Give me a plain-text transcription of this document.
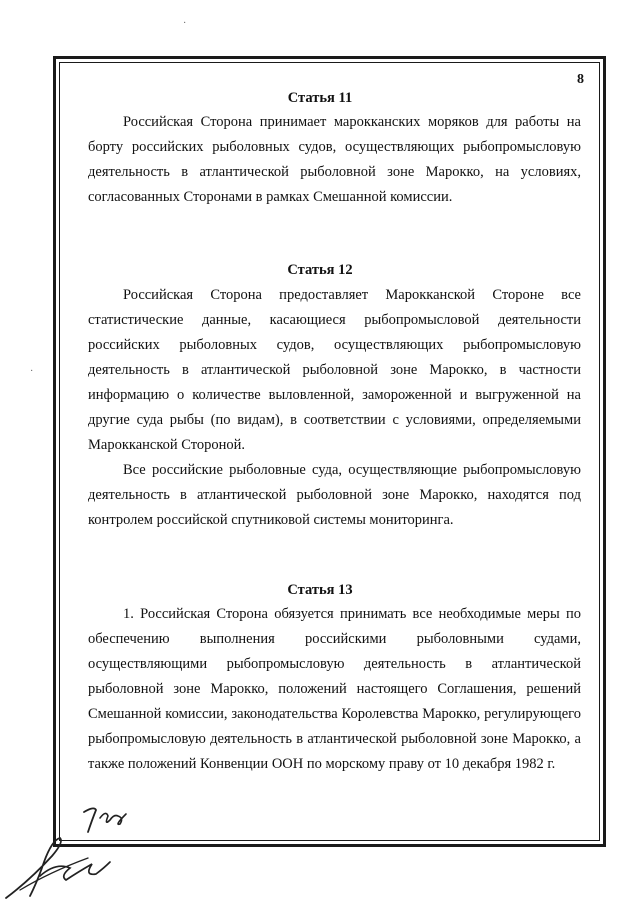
·
·
·
8
Статья 11

Российская Сторона принимает марокканских моряков для работы на борту российских рыболовных судов, осуществляющих рыбопромысловую деятельность в атлантической рыболовной зоне Марокко, на условиях, согласованных Сторонами в рамках Смешанной комиссии.

Статья 12

Российская Сторона предоставляет Марокканской Стороне все статистические данные, касающиеся рыбопромысловой деятельности российских рыболовных судов, осуществляющих рыбопромысловую деятельность в атлантической рыболовной зоне Марокко, в частности информацию о количестве выловленной, замороженной и выгруженной на другие суда рыбы (по видам), в соответствии с условиями, определяемыми Марокканской Стороной.

Все российские рыболовные суда, осуществляющие рыбопромысловую деятельность в атлантической рыболовной зоне Марокко, находятся под контролем российской спутниковой системы мониторинга.

Статья 13

1. Российская Сторона обязуется принимать все необходимые меры по обеспечению выполнения российскими рыболовными судами, осуществляющими рыбопромысловую деятельность в атлантической рыболовной зоне Марокко, положений настоящего Соглашения, решений Смешанной комиссии, законодательства Королевства Марокко, регулирующего рыбопромысловую деятельность в атлантической рыболовной зоне Марокко, а также положений Конвенции ООН по морскому праву от 10 декабря 1982 г.
